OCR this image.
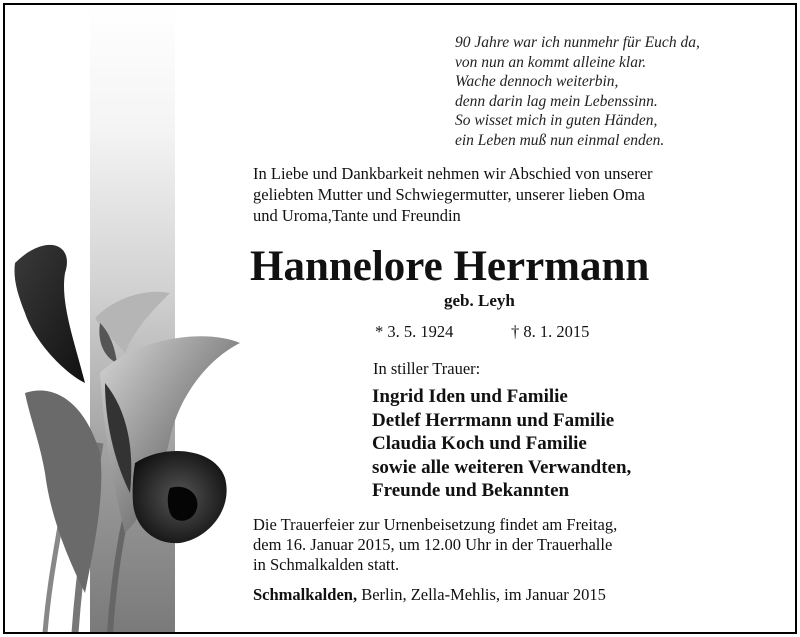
90 Jahre war ich nunmehr für Euch da,
von nun an kommt alleine klar.
Wache dennoch weiterbin,
denn darin lag mein Lebenssinn.
So wisset mich in guten Händen,
ein Leben muß nun einmal enden.
In Liebe und Dankbarkeit nehmen wir Abschied von unserer
geliebten Mutter und Schwiegermutter, unserer lieben Oma
und Uroma,Tante und Freundin
Hannelore Herrmann
geb. Leyh
* 3. 5. 1924	† 8. 1. 2015
In stiller Trauer:
Ingrid Iden und Familie
Detlef Herrmann und Familie
Claudia Koch und Familie
sowie alle weiteren Verwandten,
Freunde und Bekannten
Die Trauerfeier zur Urnenbeisetzung findet am Freitag,
dem 16. Januar 2015, um 12.00 Uhr in der Trauerhalle
in Schmalkalden statt.
Schmalkalden, Berlin, Zella-Mehlis, im Januar 2015
